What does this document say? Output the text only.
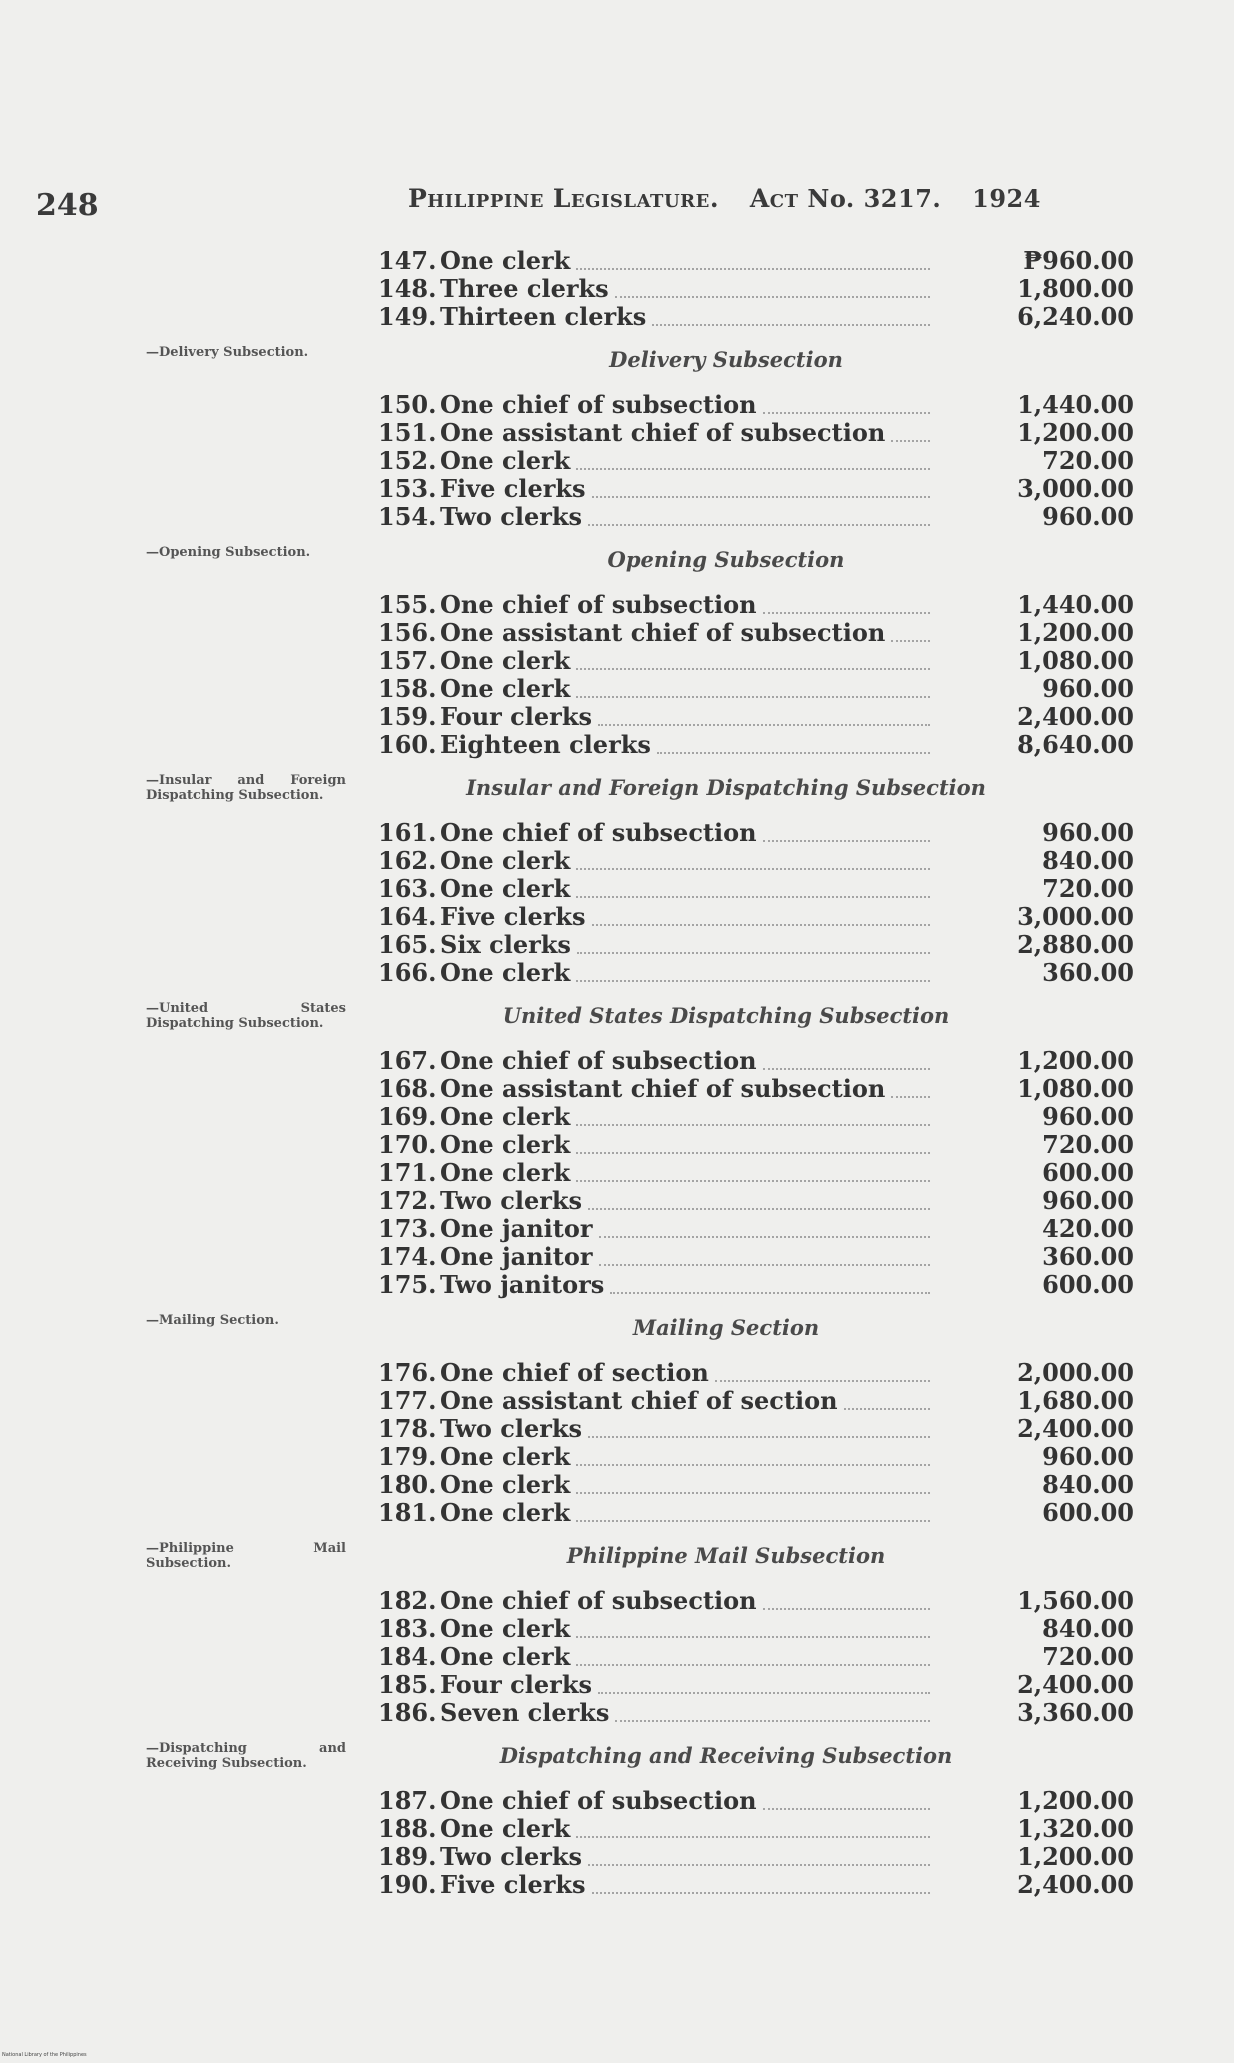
248	Philippine Legislature. Act No. 3217. 1924
147. One clerk	₱960.00
148. Three clerks	1,800.00
149. Thirteen clerks	6,240.00
—Delivery Subsection.	Delivery Subsection
150. One chief of subsection	1,440.00
151. One assistant chief of subsection	1,200.00
152. One clerk	720.00
153. Five clerks	3,000.00
154. Two clerks	960.00
—Opening Subsection.	Opening Subsection
155. One chief of subsection	1,440.00
156. One assistant chief of subsection	1,200.00
157. One clerk	1,080.00
158. One clerk	960.00
159. Four clerks	2,400.00
160. Eighteen clerks	8,640.00
—Insular and Foreign Dispatching Subsection.	Insular and Foreign Dispatching Subsection
161. One chief of subsection	960.00
162. One clerk	840.00
163. One clerk	720.00
164. Five clerks	3,000.00
165. Six clerks	2,880.00
166. One clerk	360.00
—United States Dispatching Subsection.	United States Dispatching Subsection
167. One chief of subsection	1,200.00
168. One assistant chief of subsection	1,080.00
169. One clerk	960.00
170. One clerk	720.00
171. One clerk	600.00
172. Two clerks	960.00
173. One janitor	420.00
174. One janitor	360.00
175. Two janitors	600.00
—Mailing Section.	Mailing Section
176. One chief of section	2,000.00
177. One assistant chief of section	1,680.00
178. Two clerks	2,400.00
179. One clerk	960.00
180. One clerk	840.00
181. One clerk	600.00
—Philippine Mail Subsection.	Philippine Mail Subsection
182. One chief of subsection	1,560.00
183. One clerk	840.00
184. One clerk	720.00
185. Four clerks	2,400.00
186. Seven clerks	3,360.00
—Dispatching and Receiving Subsection.	Dispatching and Receiving Subsection
187. One chief of subsection	1,200.00
188. One clerk	1,320.00
189. Two clerks	1,200.00
190. Five clerks	2,400.00
National Library of the Philippines
